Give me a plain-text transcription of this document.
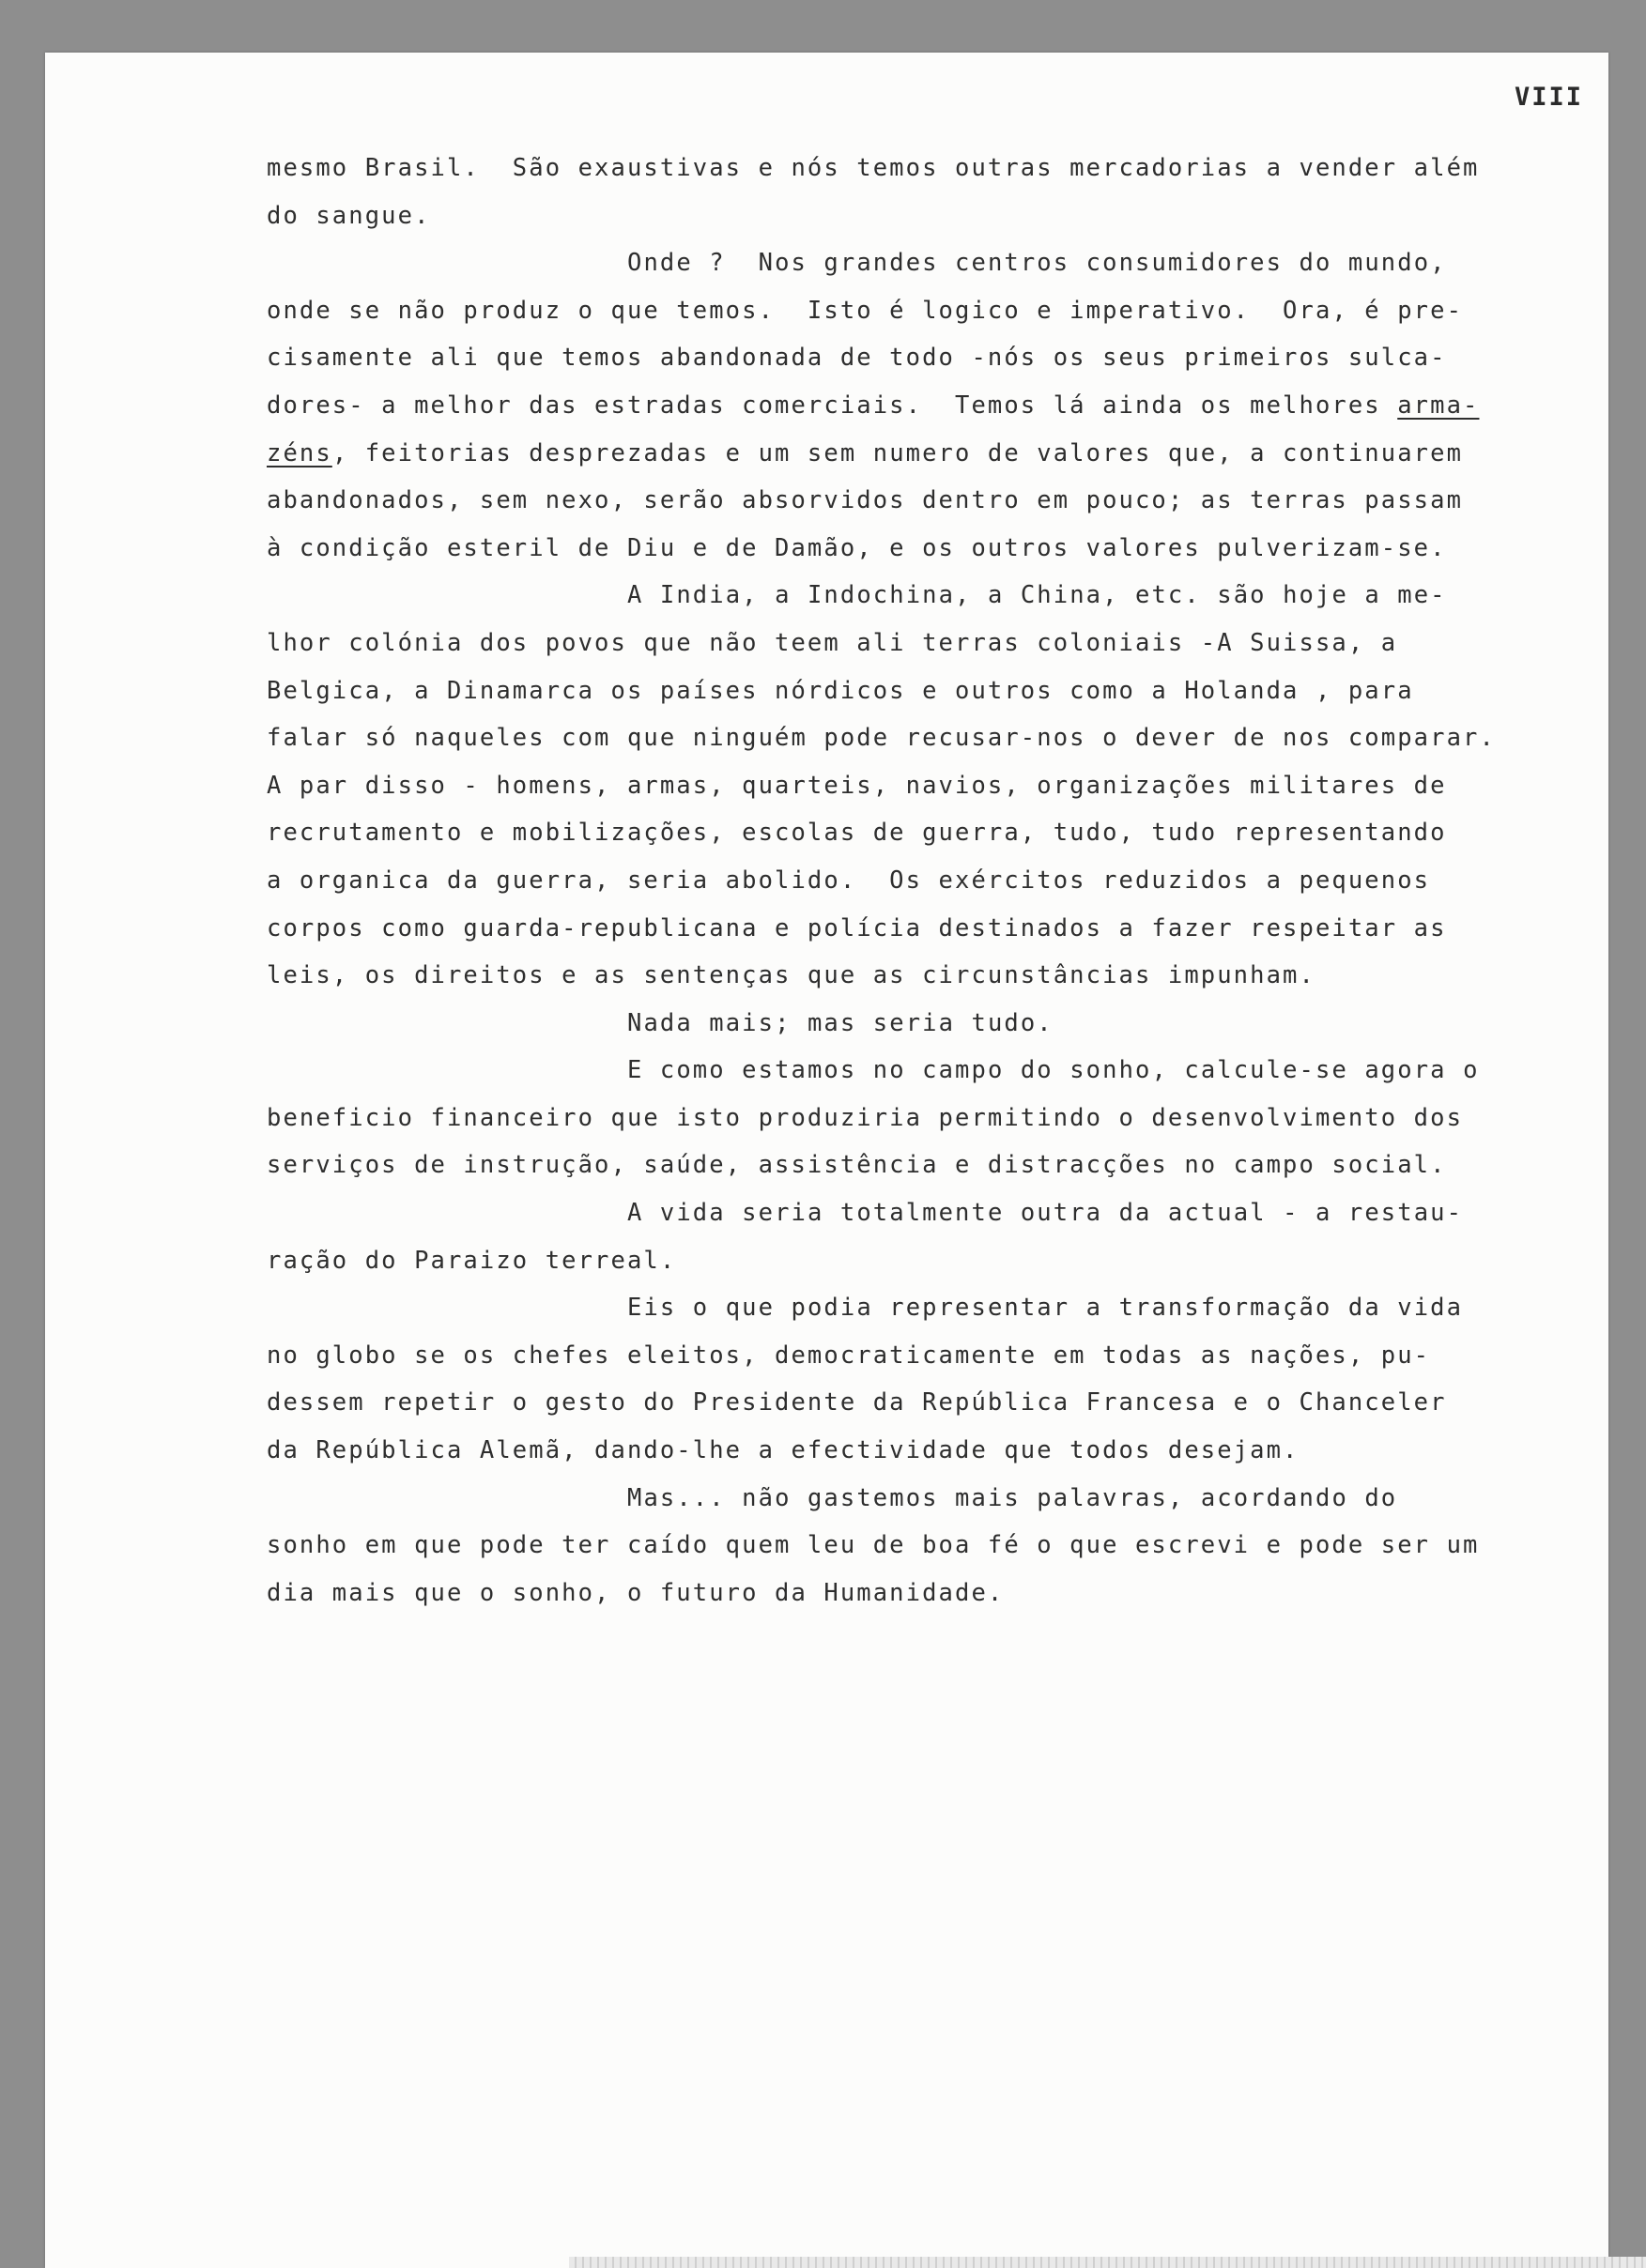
VIII
mesmo Brasil.  São exaustivas e nós temos outras mercadorias a vender além
do sangue.
Onde ?  Nos grandes centros consumidores do mundo,
onde se não produz o que temos.  Isto é logico e imperativo.  Ora, é pre-
cisamente ali que temos abandonada de todo -nós os seus primeiros sulca-
dores- a melhor das estradas comerciais.  Temos lá ainda os melhores arma-
zéns, feitorias desprezadas e um sem numero de valores que, a continuarem
abandonados, sem nexo, serão absorvidos dentro em pouco; as terras passam
à condição esteril de Diu e de Damão, e os outros valores pulverizam-se.
A India, a Indochina, a China, etc. são hoje a me-
lhor colónia dos povos que não teem ali terras coloniais -A Suissa, a
Belgica, a Dinamarca os países nórdicos e outros como a Holanda , para
falar só naqueles com que ninguém pode recusar-nos o dever de nos comparar.
A par disso - homens, armas, quarteis, navios, organizações militares de
recrutamento e mobilizações, escolas de guerra, tudo, tudo representando
a organica da guerra, seria abolido.  Os exércitos reduzidos a pequenos
corpos como guarda-republicana e polícia destinados a fazer respeitar as
leis, os direitos e as sentenças que as circunstâncias impunham.
Nada mais; mas seria tudo.
E como estamos no campo do sonho, calcule-se agora o
beneficio financeiro que isto produziria permitindo o desenvolvimento dos
serviços de instrução, saúde, assistência e distracções no campo social.
A vida seria totalmente outra da actual - a restau-
ração do Paraizo terreal.
Eis o que podia representar a transformação da vida
no globo se os chefes eleitos, democraticamente em todas as nações, pu-
dessem repetir o gesto do Presidente da República Francesa e o Chanceler
da República Alemã, dando-lhe a efectividade que todos desejam.
Mas... não gastemos mais palavras, acordando do
sonho em que pode ter caído quem leu de boa fé o que escrevi e pode ser um
dia mais que o sonho, o futuro da Humanidade.
